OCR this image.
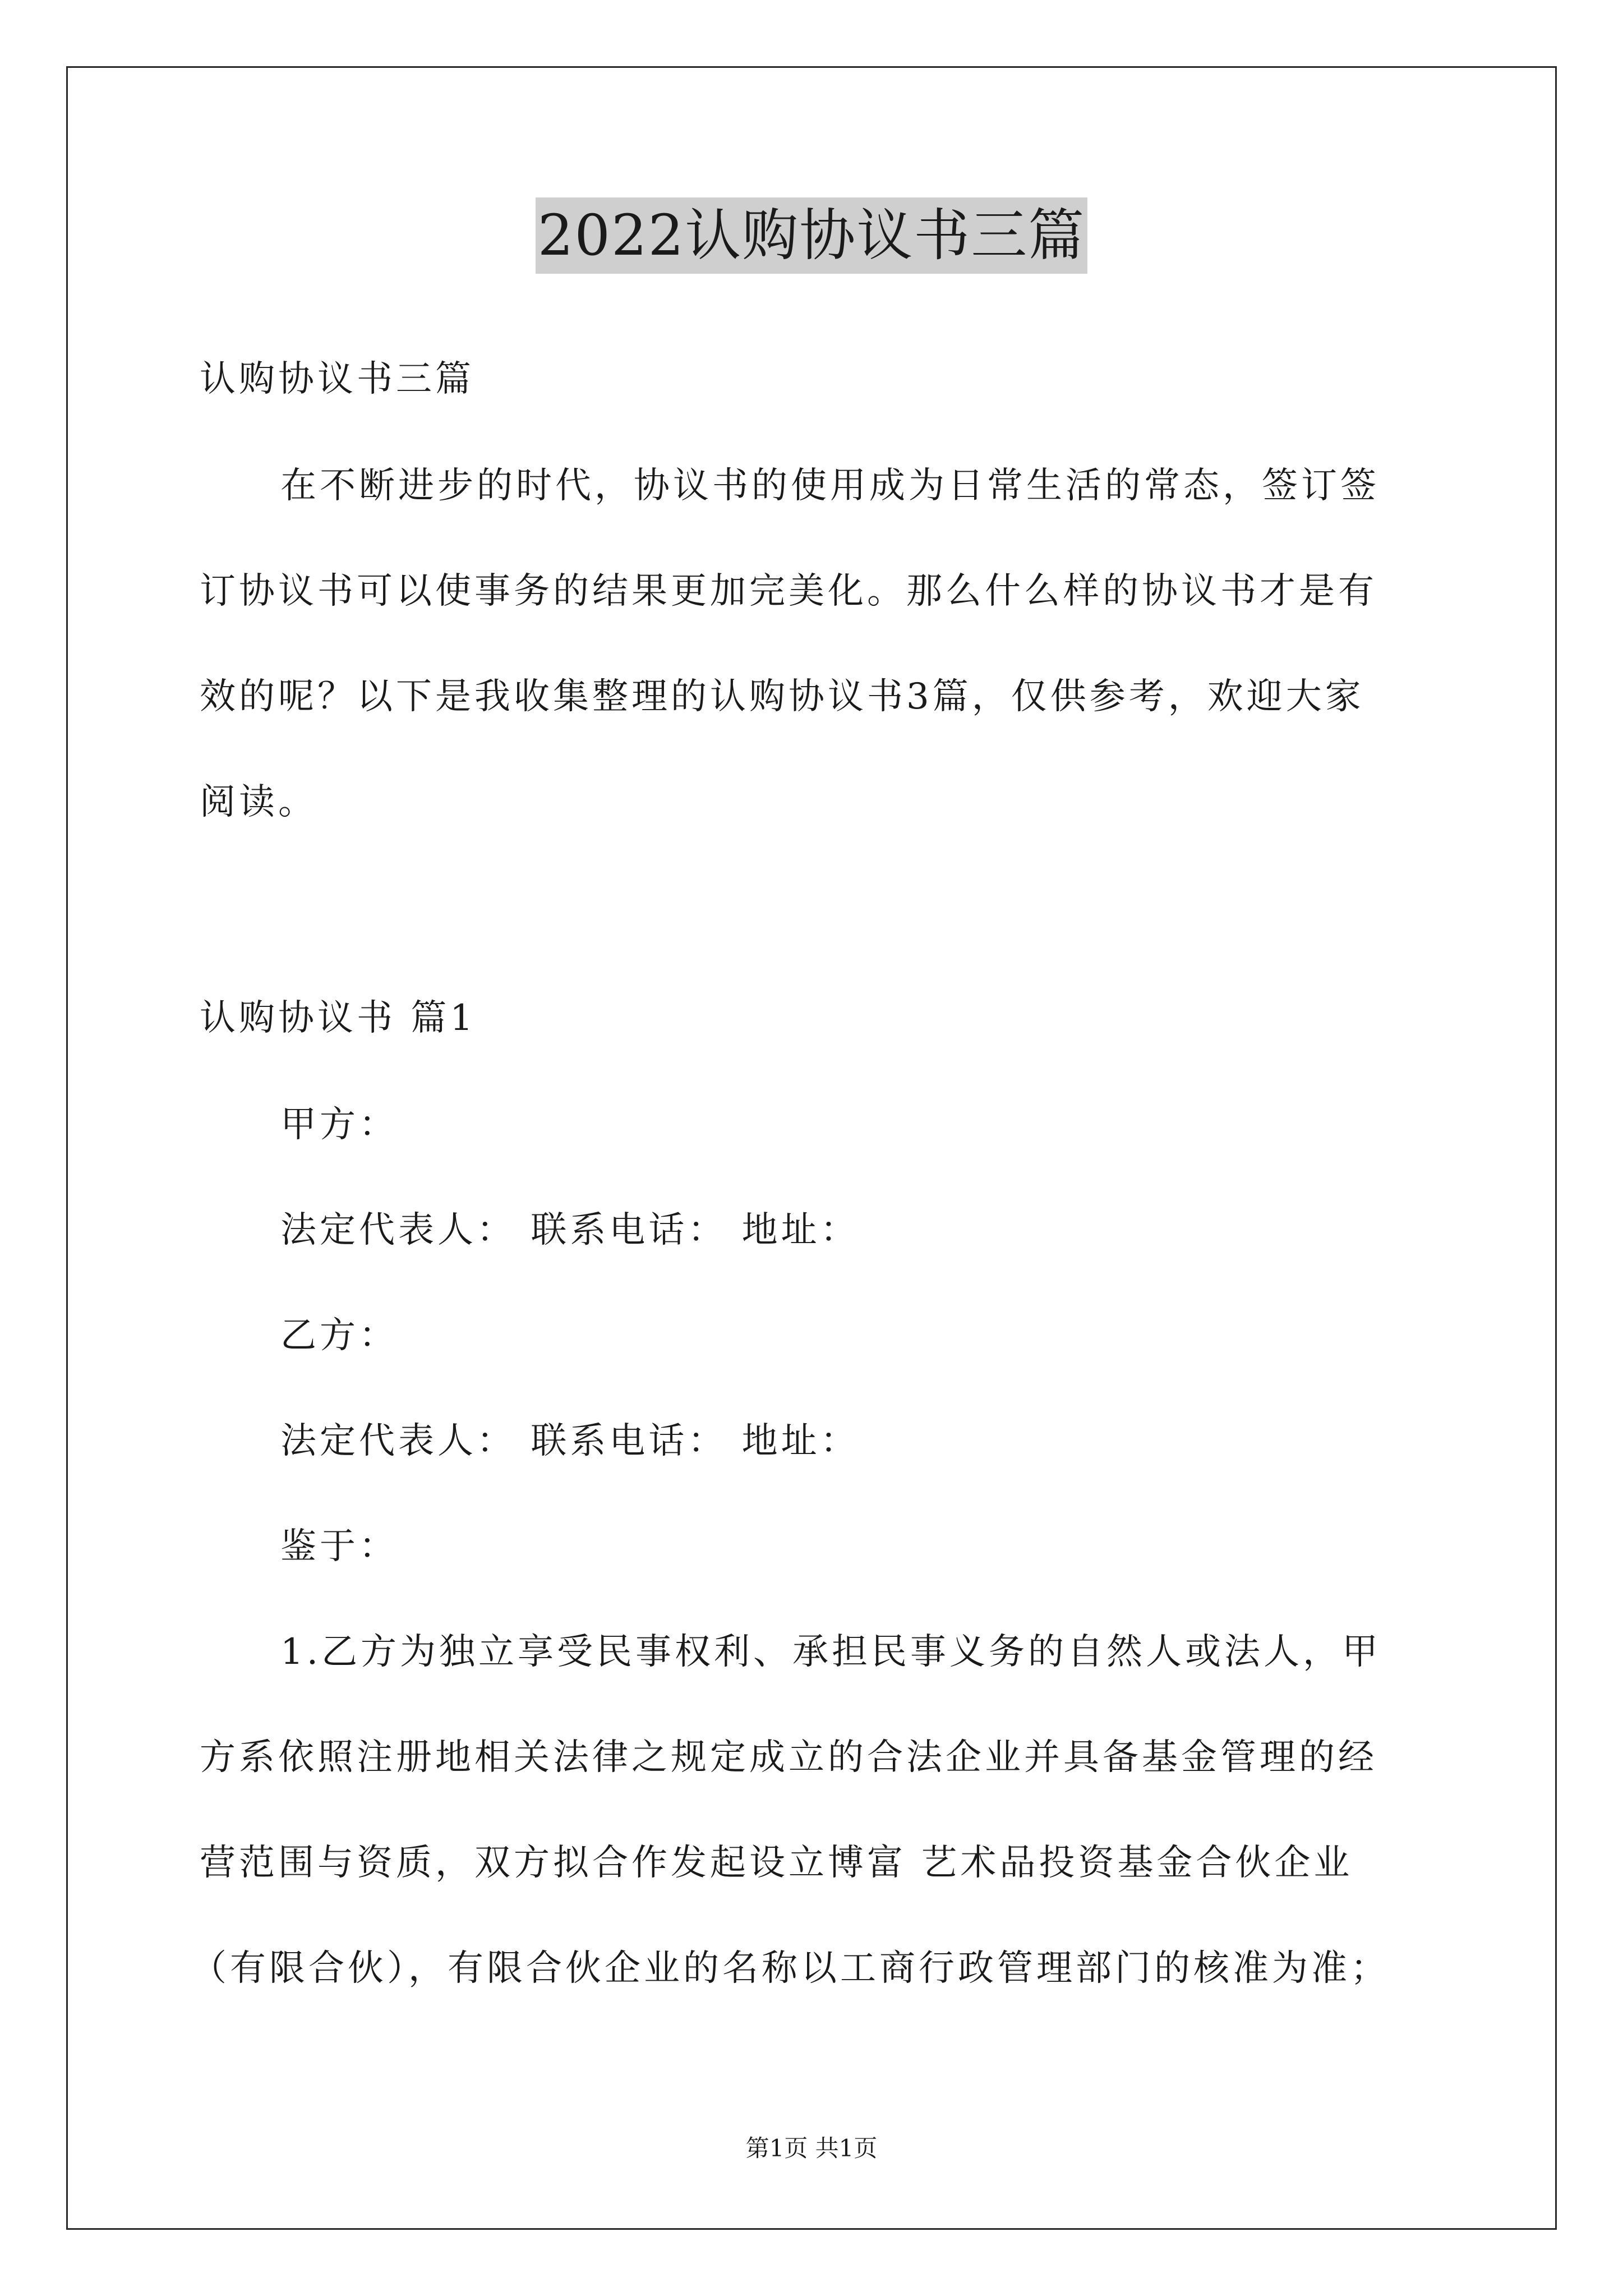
2022认购协议书三篇
认购协议书三篇
在不断进步的时代，协议书的使用成为日常生活的常态，签订签
订协议书可以使事务的结果更加完美化。那么什么样的协议书才是有
效的呢？以下是我收集整理的认购协议书3篇，仅供参考，欢迎大家
阅读。
认购协议书 篇1
甲方：
法定代表人： 联系电话： 地址：
乙方：
法定代表人： 联系电话： 地址：
鉴于：
1.乙方为独立享受民事权利、承担民事义务的自然人或法人，甲
方系依照注册地相关法律之规定成立的合法企业并具备基金管理的经
营范围与资质，双方拟合作发起设立博富 艺术品投资基金合伙企业
（有限合伙），有限合伙企业的名称以工商行政管理部门的核准为准；
第1页 共1页
